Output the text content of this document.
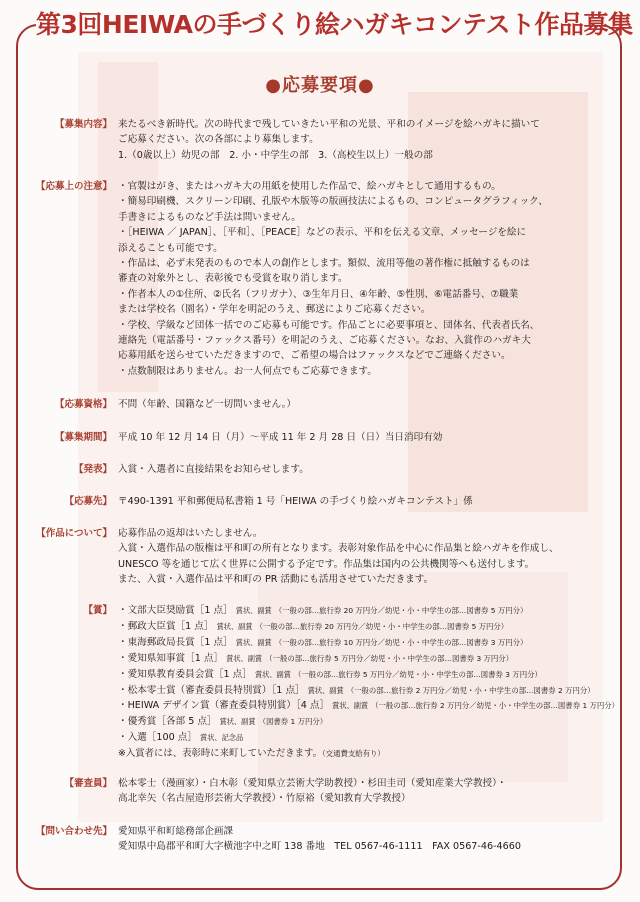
第3回HEIWAの手づくり絵ハガキコンテスト作品募集
●応募要項●
【募集内容】 来たるべき新時代。次の時代まで残していきたい平和の光景、平和のイメージを絵ハガキに描いて
ご応募ください。次の各部により募集します。
1.（0歳以上）幼児の部　2. 小・中学生の部　3.（高校生以上）一般の部
【応募上の注意】 ・官製はがき、またはハガキ大の用紙を使用した作品で、絵ハガキとして通用するもの。
・簡易印刷機、スクリーン印刷、孔版や木版等の版画技法によるもの、コンピュータグラフィック、
手書きによるものなど手法は問いません。
・［HEIWA ／ JAPAN］、［平和］、［PEACE］などの表示、平和を伝える文章、メッセージを絵に
添えることも可能です。
・作品は、必ず未発表のもので本人の創作とします。類似、流用等他の著作権に抵触するものは
審査の対象外とし、表彰後でも受賞を取り消します。
・作者本人の①住所、②氏名（フリガナ）、③生年月日、④年齢、⑤性別、⑥電話番号、⑦職業
または学校名（園名）・学年を明記のうえ、郵送によりご応募ください。
・学校、学級など団体一括でのご応募も可能です。作品ごとに必要事項と、団体名、代表者氏名、
連絡先（電話番号・ファックス番号）を明記のうえ、ご応募ください。なお、入賞作のハガキ大
応募用紙を送らせていただきますので、ご希望の場合はファックスなどでご連絡ください。
・点数制限はありません。お一人何点でもご応募できます。
【応募資格】 不問（年齢、国籍など一切問いません。）
【募集期間】 平成 10 年 12 月 14 日（月）～平成 11 年 2 月 28 日（日）当日消印有効
【発表】 入賞・入選者に直接結果をお知らせします。
【応募先】 〒490-1391 平和郵便局私書箱 1 号「HEIWA の手づくり絵ハガキコンテスト」係
【作品について】 応募作品の返却はいたしません。
入賞・入選作品の版権は平和町の所有となります。表彰対象作品を中心に作品集と絵ハガキを作成し、
UNESCO 等を通じて広く世界に公開する予定です。作品集は国内の公共機関等へも送付します。
また、入賞・入選作品は平和町の PR 活動にも活用させていただきます。
【賞】 ・文部大臣奨励賞［1 点］ 賞状、副賞 （一般の部…旅行券 20 万円分／幼児・小・中学生の部…図書券 5 万円分）
・郵政大臣賞［1 点］ 賞状、副賞 （一般の部…旅行券 20 万円分／幼児・小・中学生の部…図書券 5 万円分）
・東海郵政局長賞［1 点］ 賞状、副賞 （一般の部…旅行券 10 万円分／幼児・小・中学生の部…図書券 3 万円分）
・愛知県知事賞［1 点］ 賞状、副賞 （一般の部…旅行券 5 万円分／幼児・小・中学生の部…図書券 3 万円分）
・愛知県教育委員会賞［1 点］ 賞状、副賞 （一般の部…旅行券 5 万円分／幼児・小・中学生の部…図書券 3 万円分）
・松本零士賞（審査委員長特別賞）［1 点］ 賞状、副賞 （一般の部…旅行券 2 万円分／幼児・小・中学生の部…図書券 2 万円分）
・HEIWA デザイン賞（審査委員特別賞）［4 点］ 賞状、副賞 （一般の部…旅行券 2 万円分／幼児・小・中学生の部…図書券 1 万円分）
・優秀賞［各部 5 点］ 賞状、副賞 （図書券 1 万円分）
・入選［100 点］ 賞状、記念品
※入賞者には、表彰時に来町していただきます。（交通費支給有り）
【審査員】 松本零士（漫画家）・白木彰（愛知県立芸術大学助教授）・杉田圭司（愛知産業大学教授）・
高北幸矢（名古屋造形芸術大学教授）・竹原裕（愛知教育大学教授）
【問い合わせ先】 愛知県平和町総務部企画課
愛知県中島郡平和町大字横池字中之町 138 番地　 TEL 0567-46-1111　 FAX 0567-46-4660
